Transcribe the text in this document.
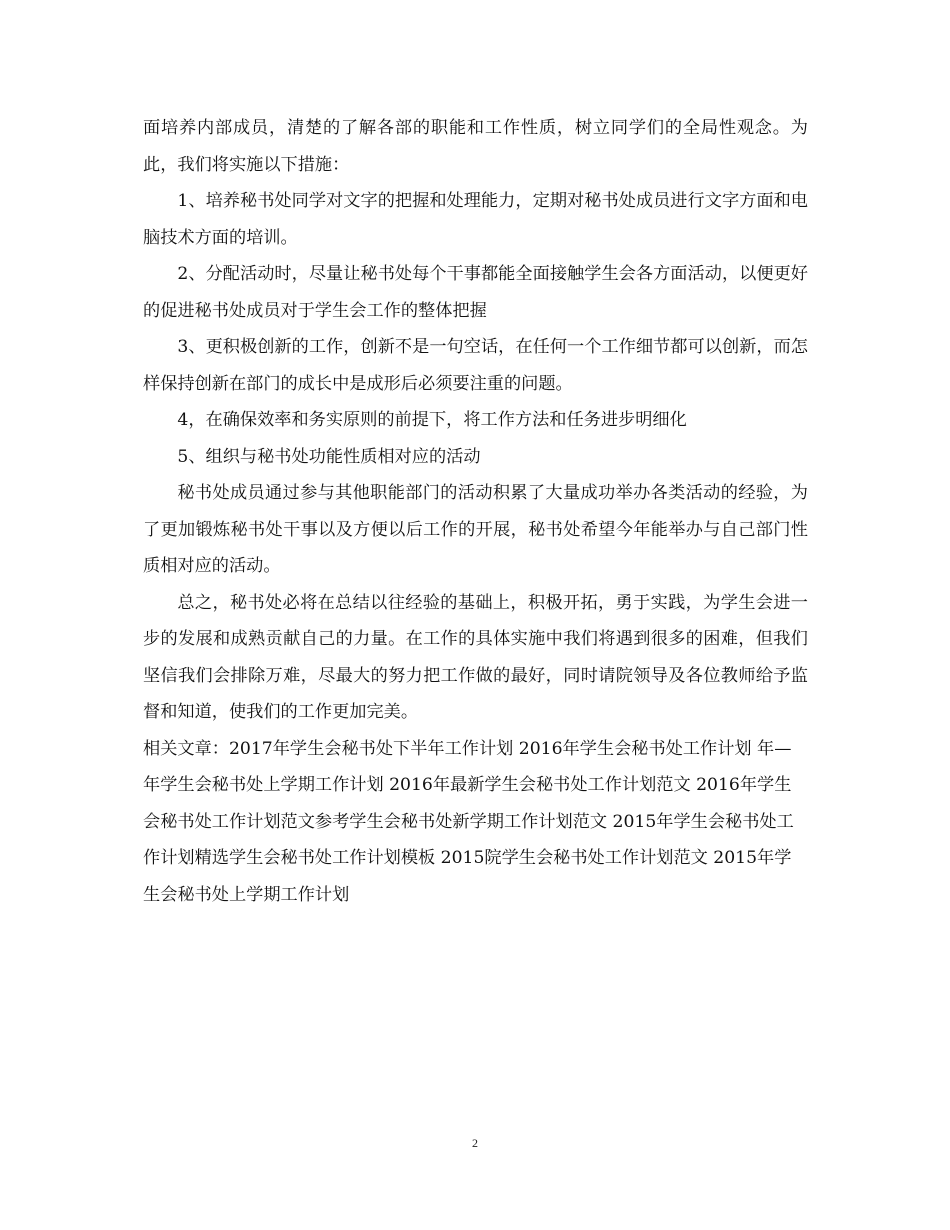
面培养内部成员，清楚的了解各部的职能和工作性质，树立同学们的全局性观念。为此，我们将实施以下措施：

1、培养秘书处同学对文字的把握和处理能力，定期对秘书处成员进行文字方面和电脑技术方面的培训。

2、分配活动时，尽量让秘书处每个干事都能全面接触学生会各方面活动，以便更好的促进秘书处成员对于学生会工作的整体把握

3、更积极创新的工作，创新不是一句空话，在任何一个工作细节都可以创新，而怎样保持创新在部门的成长中是成形后必须要注重的问题。

4，在确保效率和务实原则的前提下，将工作方法和任务进步明细化

5、组织与秘书处功能性质相对应的活动

秘书处成员通过参与其他职能部门的活动积累了大量成功举办各类活动的经验，为了更加锻炼秘书处干事以及方便以后工作的开展，秘书处希望今年能举办与自己部门性质相对应的活动。

总之，秘书处必将在总结以往经验的基础上，积极开拓，勇于实践，为学生会进一步的发展和成熟贡献自己的力量。在工作的具体实施中我们将遇到很多的困难，但我们坚信我们会排除万难，尽最大的努力把工作做的最好，同时请院领导及各位教师给予监督和知道，使我们的工作更加完美。

相关文章：2017年学生会秘书处下半年工作计划 2016年学生会秘书处工作计划 年—年学生会秘书处上学期工作计划 2016年最新学生会秘书处工作计划范文 2016年学生会秘书处工作计划范文参考学生会秘书处新学期工作计划范文 2015年学生会秘书处工作计划精选学生会秘书处工作计划模板 2015院学生会秘书处工作计划范文 2015年学生会秘书处上学期工作计划

2
